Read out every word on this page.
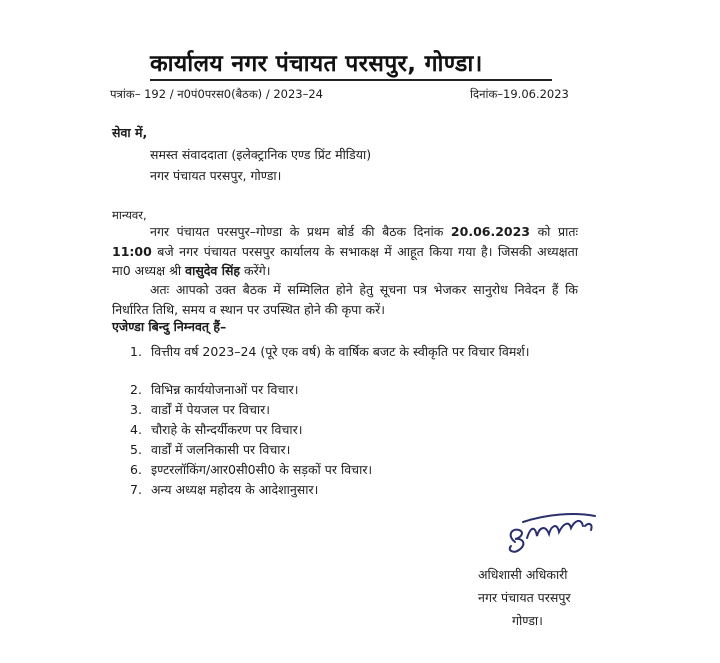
कार्यालय नगर पंचायत परसपुर, गोण्डा।
पत्रांक– 192 / न0पं0परस0(बैठक) / 2023–24	दिनांक–19.06.2023
सेवा में,
समस्त संवाददाता (इलेक्ट्रानिक एण्ड प्रिंट मीडिया)
नगर पंचायत परसपुर, गोण्डा।
मान्यवर,
नगर पंचायत परसपुर–गोण्डा के प्रथम बोर्ड की बैठक दिनांक 20.06.2023 को प्रातः 11:00 बजे नगर पंचायत परसपुर कार्यालय के सभाकक्ष में आहूत किया गया है। जिसकी अध्यक्षता मा0 अध्यक्ष श्री वासुदेव सिंह करेंगे।
अतः आपको उक्त बैठक में सम्मिलित होने हेतु सूचना पत्र भेजकर सानुरोध निवेदन हैं कि निर्धारित तिथि, समय व स्थान पर उपस्थित होने की कृपा करें।
एजेण्डा बिन्दु निम्नवत् हैं–
1. वित्तीय वर्ष 2023–24 (पूरे एक वर्ष) के वार्षिक बजट के स्वीकृति पर विचार विमर्श।
2. विभिन्न कार्ययोजनाओं पर विचार।
3. वार्डों में पेयजल पर विचार।
4. चौराहे के सौन्दर्यीकरण पर विचार।
5. वार्डों में जलनिकासी पर विचार।
6. इण्टरलॉकिंग/आर0सी0सी0 के सड़कों पर विचार।
7. अन्य अध्यक्ष महोदय के आदेशानुसार।
अधिशासी अधिकारी
नगर पंचायत परसपुर
गोण्डा।
